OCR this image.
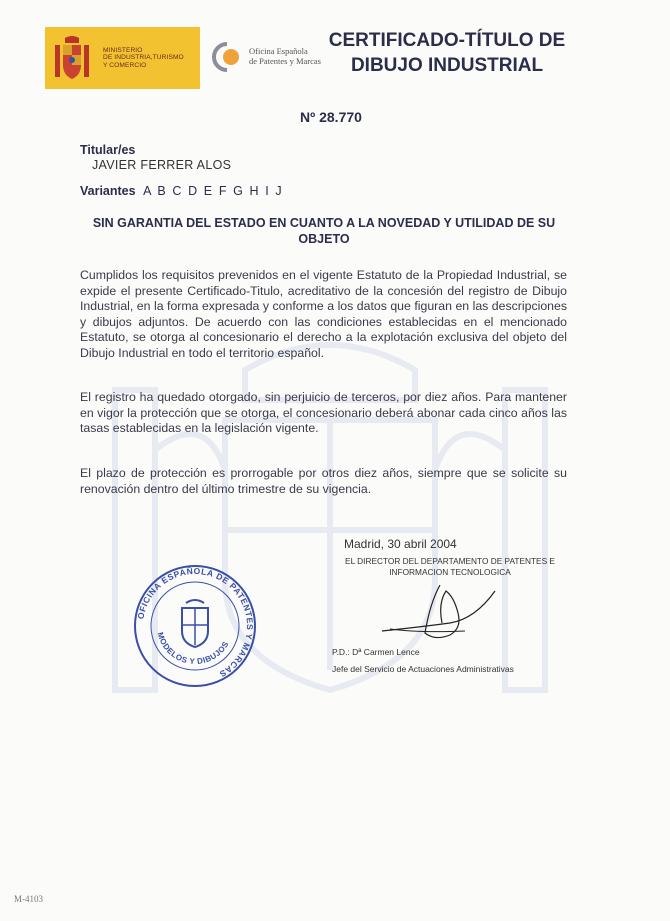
MINISTERIO
DE INDUSTRIA,TURISMO
Y COMERCIO
Oficina Española
de Patentes y Marcas
CERTIFICADO-TÍTULO DE
DIBUJO INDUSTRIAL
Nº 28.770
Titular/es
JAVIER FERRER ALOS
Variantes A B C D E F G H I J
SIN GARANTIA DEL ESTADO EN CUANTO A LA NOVEDAD Y UTILIDAD DE SU OBJETO

Cumplidos los requisitos prevenidos en el vigente Estatuto de la Propiedad Industrial, se expide el presente Certificado-Titulo, acreditativo de la concesión del registro de Dibujo Industrial, en la forma expresada y conforme a los datos que figuran en las descripciones y dibujos adjuntos. De acuerdo con las condiciones establecidas en el mencionado Estatuto, se otorga al concesionario el derecho a la explotación exclusiva del objeto del Dibujo Industrial en todo el territorio español.

El registro ha quedado otorgado, sin perjuicio de terceros, por diez años. Para mantener en vigor la protección que se otorga, el concesionario deberá abonar cada cinco años las tasas establecidas en la legislación vigente.

El plazo de protección es prorrogable por otros diez años, siempre que se solicite su renovación dentro del último trimestre de su vigencia.

Madrid, 30 abril 2004
EL DIRECTOR DEL DEPARTAMENTO DE PATENTES E
INFORMACION TECNOLOGICA
P.D.: Dª Carmen Lence
Jefe del Servicio de Actuaciones Administrativas
OFICINA ESPAÑOLA DE PATENTES Y MARCAS
MODELOS Y DIBUJOS
M-4103
